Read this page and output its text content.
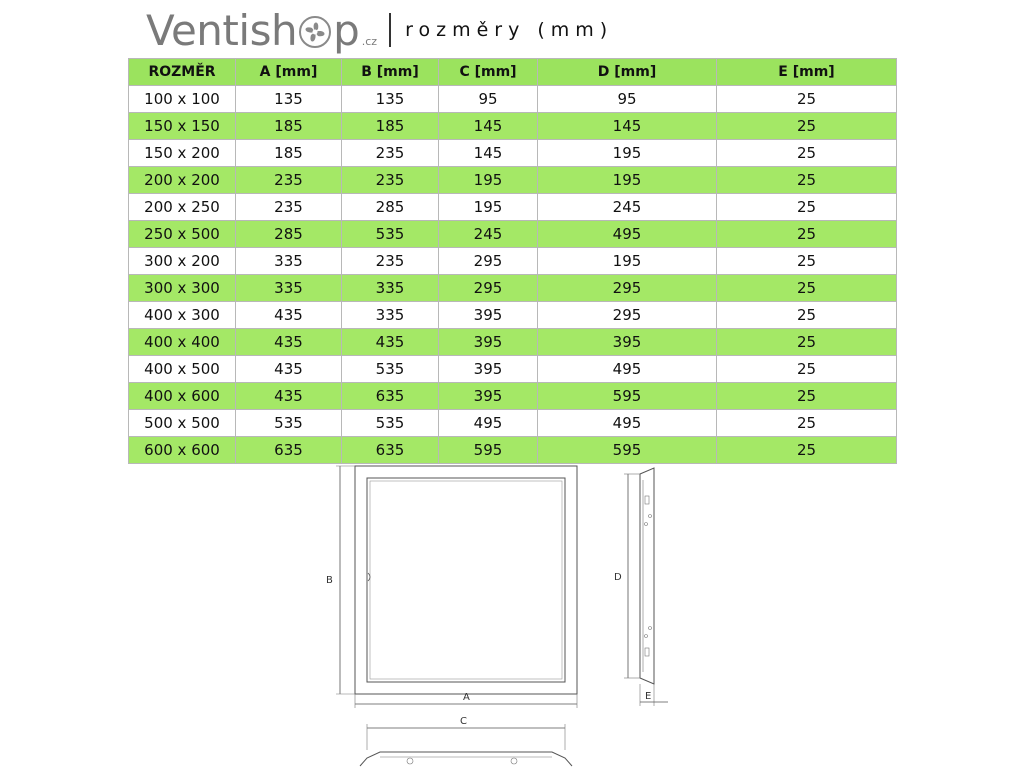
Ventish p .cz rozměry (mm)
ROZMĚR	A [mm]	B [mm]	C [mm]	D [mm]	E [mm]
100 x 100	135	135	95	95	25
150 x 150	185	185	145	145	25
150 x 200	185	235	145	195	25
200 x 200	235	235	195	195	25
200 x 250	235	285	195	245	25
250 x 500	285	535	245	495	25
300 x 200	335	235	295	195	25
300 x 300	335	335	295	295	25
400 x 300	435	335	395	295	25
400 x 400	435	435	395	395	25
400 x 500	435	535	395	495	25
400 x 600	435	635	395	595	25
500 x 500	535	535	495	495	25
600 x 600	635	635	595	595	25
B
A
D
E
C
